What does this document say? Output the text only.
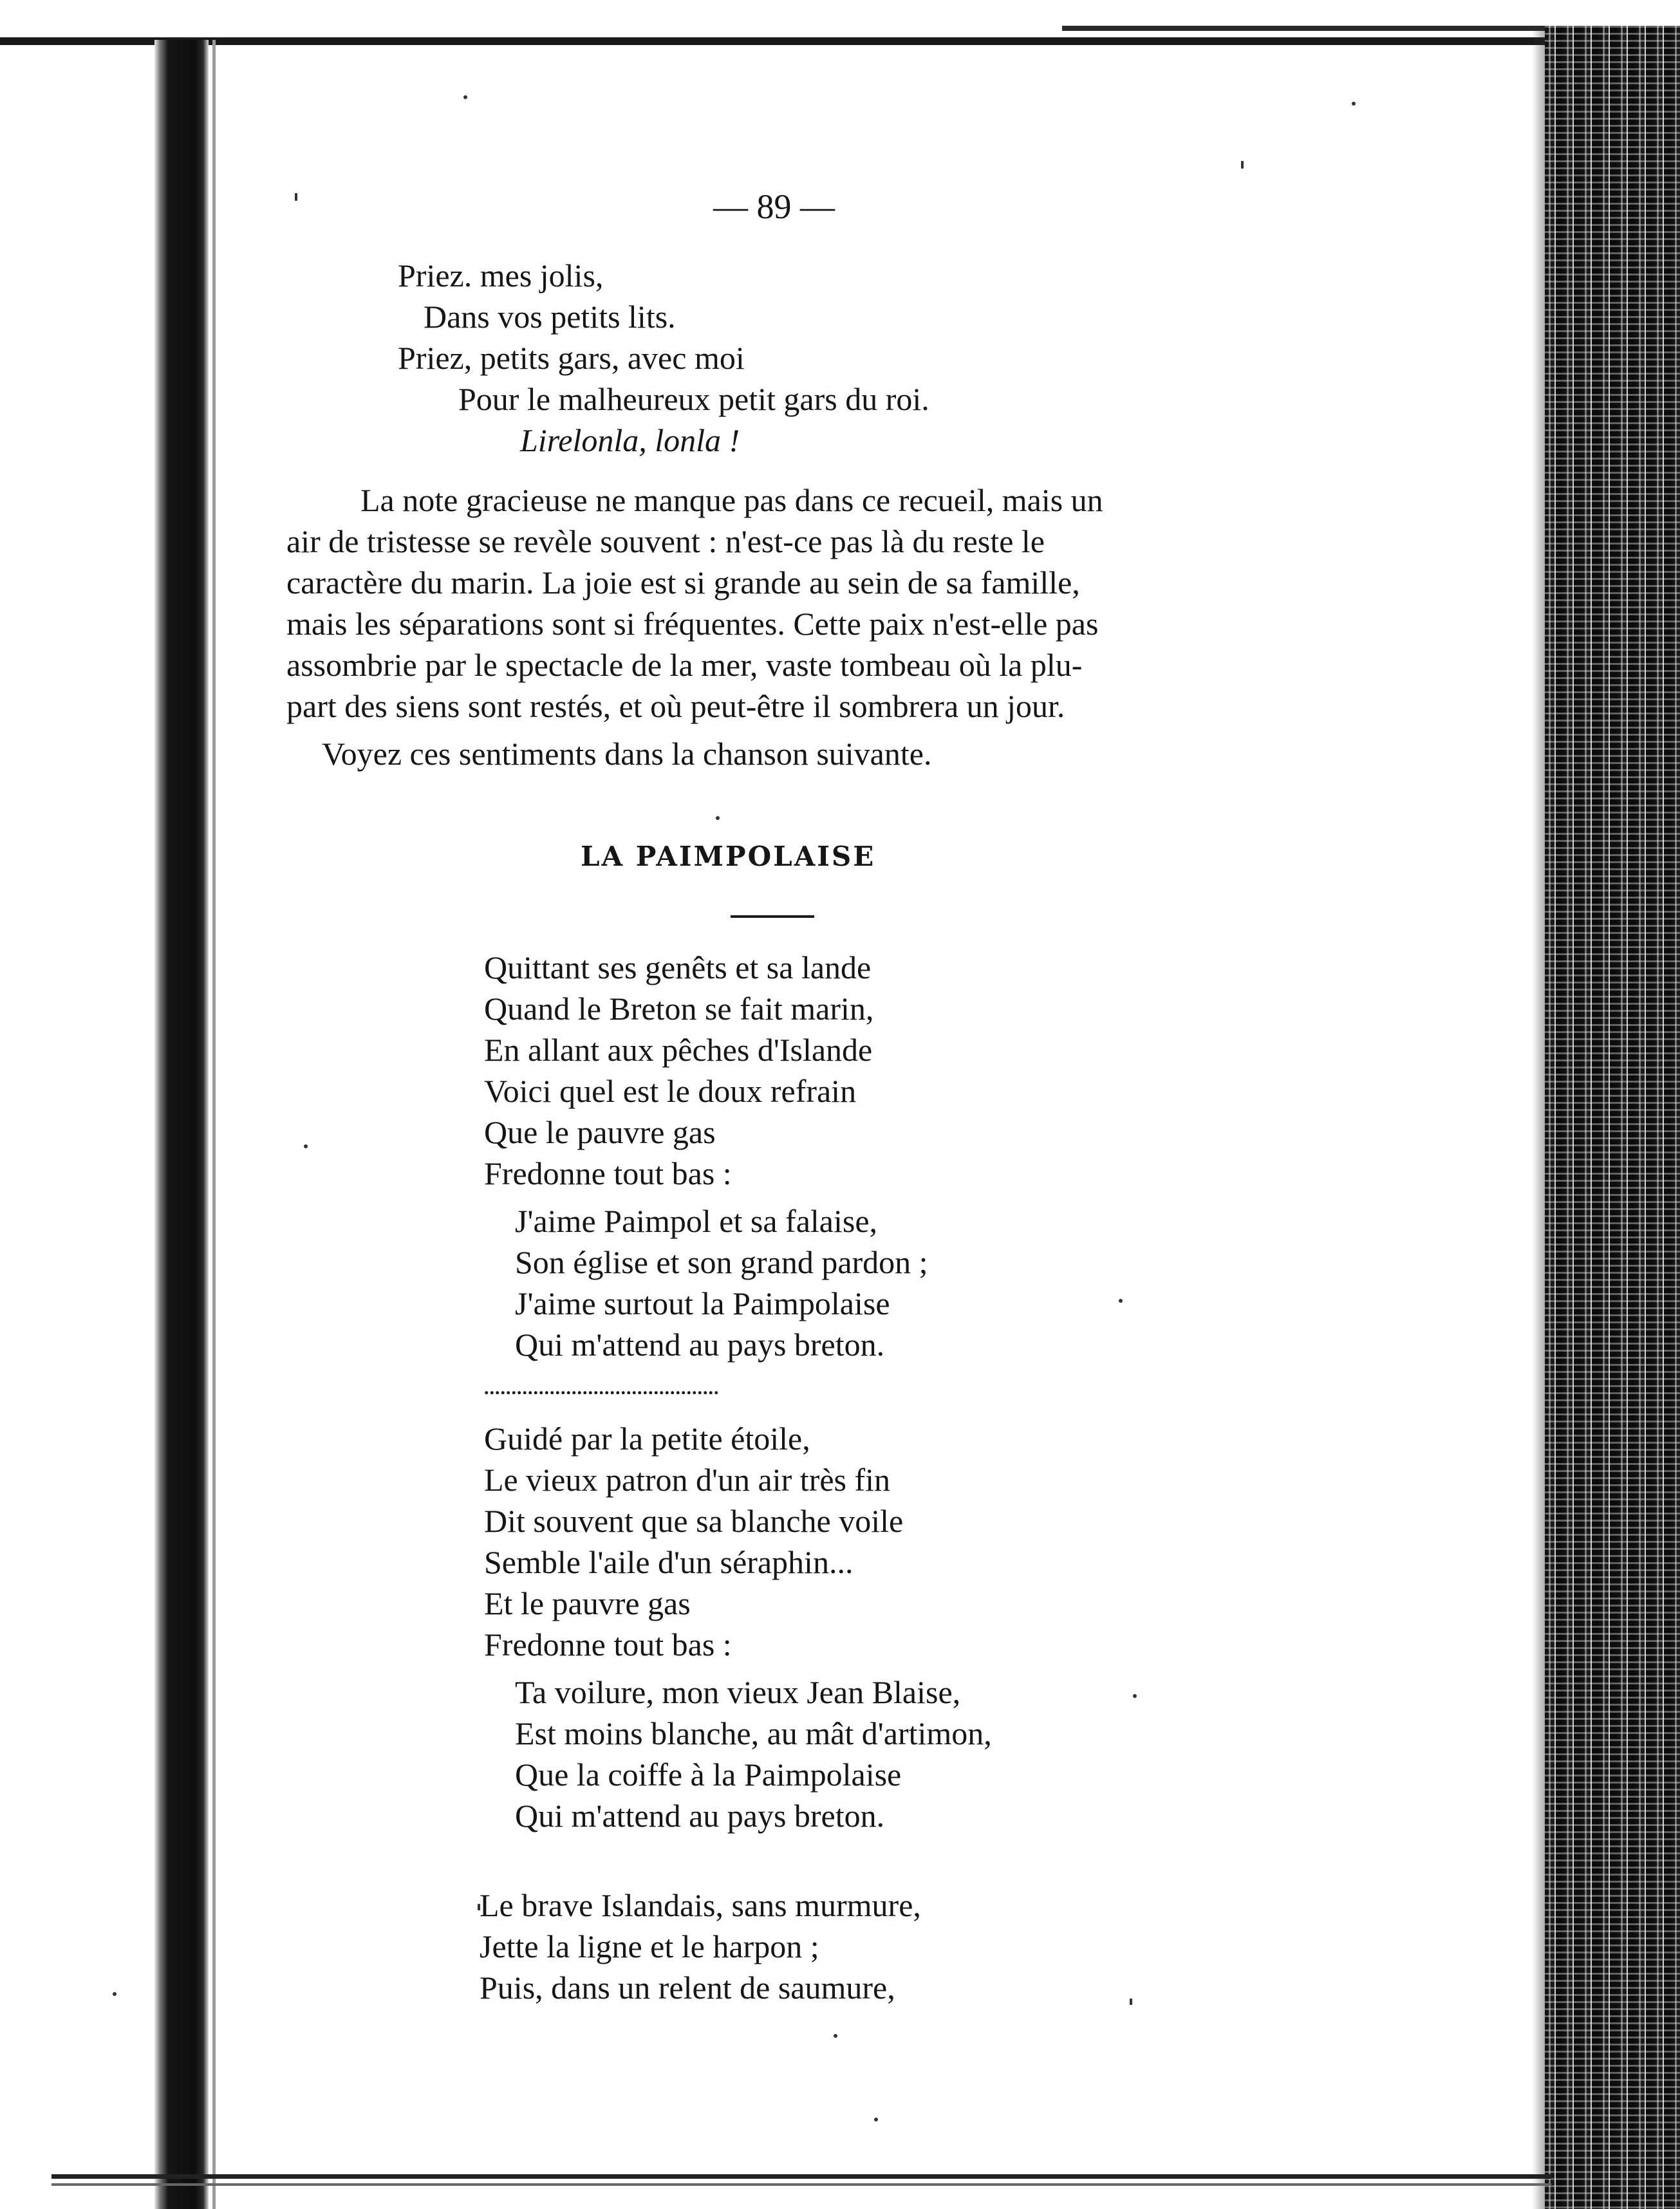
— 89 —
Priez. mes jolis,
Dans vos petits lits.
Priez, petits gars, avec moi
Pour le malheureux petit gars du roi.
Lirelonla, lonla !
La note gracieuse ne manque pas dans ce recueil, mais un
air de tristesse se revèle souvent : n'est-ce pas là du reste le
caractère du marin. La joie est si grande au sein de sa famille,
mais les séparations sont si fréquentes. Cette paix n'est-elle pas
assombrie par le spectacle de la mer, vaste tombeau où la plu-
part des siens sont restés, et où peut-être il sombrera un jour.
Voyez ces sentiments dans la chanson suivante.
LA PAIMPOLAISE
Quittant ses genêts et sa lande
Quand le Breton se fait marin,
En allant aux pêches d'Islande
Voici quel est le doux refrain
Que le pauvre gas
Fredonne tout bas :
J'aime Paimpol et sa falaise,
Son église et son grand pardon ;
J'aime surtout la Paimpolaise
Qui m'attend au pays breton.
...........................................
Guidé par la petite étoile,
Le vieux patron d'un air très fin
Dit souvent que sa blanche voile
Semble l'aile d'un séraphin...
Et le pauvre gas
Fredonne tout bas :
Ta voilure, mon vieux Jean Blaise,
Est moins blanche, au mât d'artimon,
Que la coiffe à la Paimpolaise
Qui m'attend au pays breton.
Le brave Islandais, sans murmure,
Jette la ligne et le harpon ;
Puis, dans un relent de saumure,
